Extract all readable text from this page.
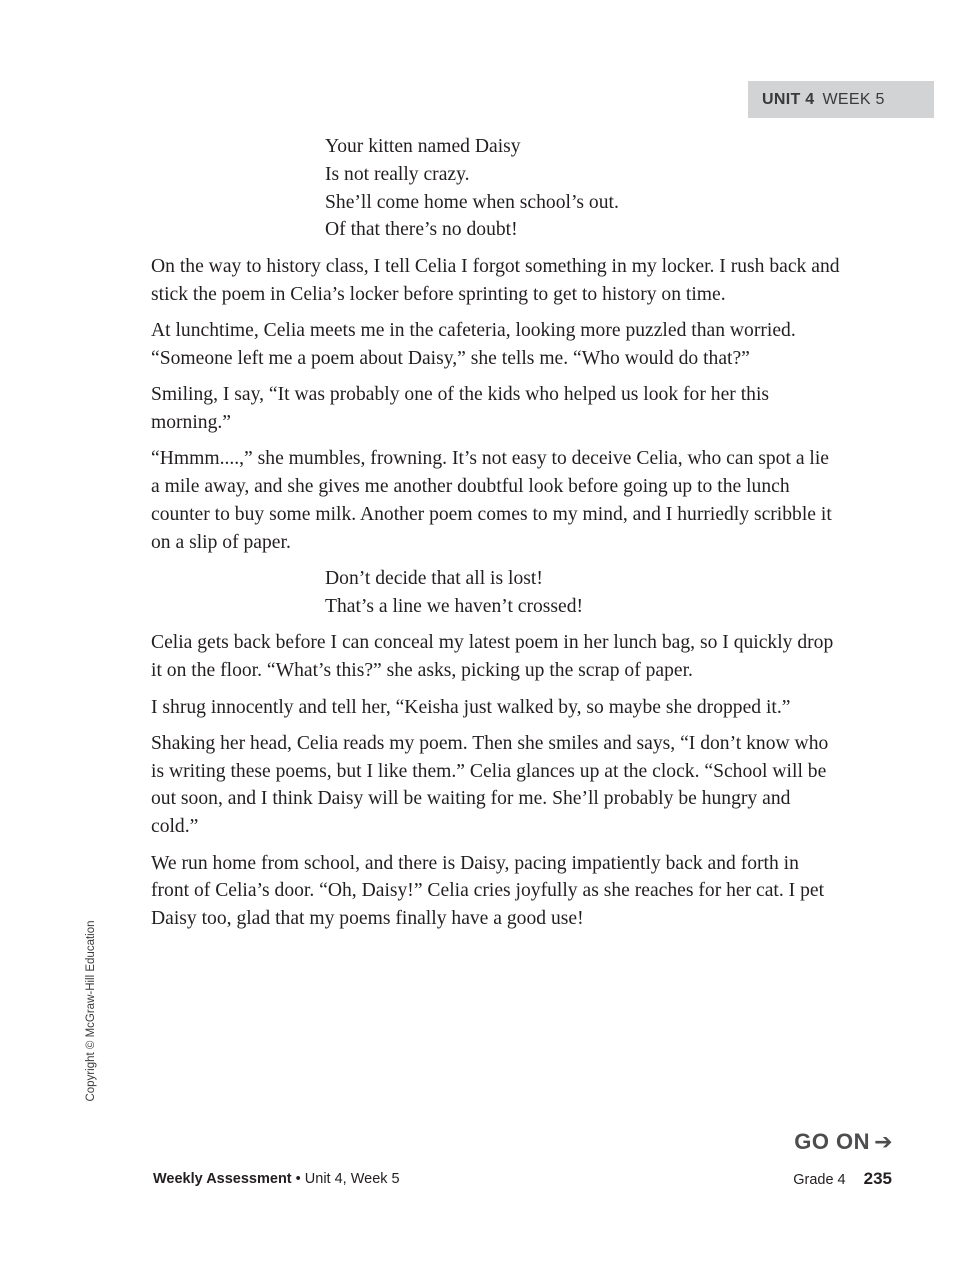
UNIT 4 WEEK 5
Your kitten named Daisy
Is not really crazy.
She’ll come home when school’s out.
Of that there’s no doubt!

On the way to history class, I tell Celia I forgot something in my locker. I rush back and stick the poem in Celia’s locker before sprinting to get to history on time.

At lunchtime, Celia meets me in the cafeteria, looking more puzzled than worried. “Someone left me a poem about Daisy,” she tells me. “Who would do that?”

Smiling, I say, “It was probably one of the kids who helped us look for her this morning.”

“Hmmm....,” she mumbles, frowning. It’s not easy to deceive Celia, who can spot a lie a mile away, and she gives me another doubtful look before going up to the lunch counter to buy some milk. Another poem comes to my mind, and I hurriedly scribble it on a slip of paper.

Don’t decide that all is lost!
That’s a line we haven’t crossed!

Celia gets back before I can conceal my latest poem in her lunch bag, so I quickly drop it on the floor. “What’s this?” she asks, picking up the scrap of paper.

I shrug innocently and tell her, “Keisha just walked by, so maybe she dropped it.”

Shaking her head, Celia reads my poem. Then she smiles and says, “I don’t know who is writing these poems, but I like them.” Celia glances up at the clock. “School will be out soon, and I think Daisy will be waiting for me. She’ll probably be hungry and cold.”

We run home from school, and there is Daisy, pacing impatiently back and forth in front of Celia’s door. “Oh, Daisy!” Celia cries joyfully as she reaches for her cat. I pet Daisy too, glad that my poems finally have a good use!

Copyright © McGraw-Hill Education
GO ON ➔
Weekly Assessment • Unit 4, Week 5	Grade 4 235
